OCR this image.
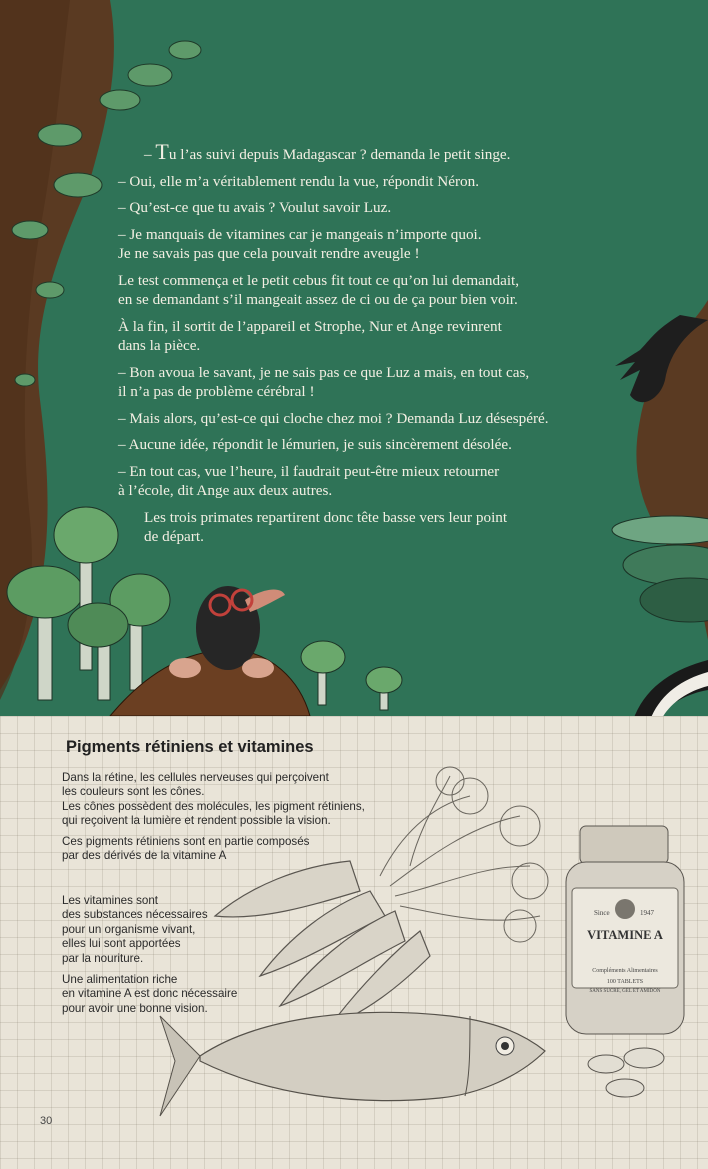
– Tu l’as suivi depuis Madagascar ? demanda le petit singe.

– Oui, elle m’a véritablement rendu la vue, répondit Néron.

– Qu’est-ce que tu avais ? Voulut savoir Luz.

– Je manquais de vitamines car je mangeais n’importe quoi.
Je ne savais pas que cela pouvait rendre aveugle !

Le test commença et le petit cebus fit tout ce qu’on lui demandait,
en se demandant s’il mangeait assez de ci ou de ça pour bien voir.

À la fin, il sortit de l’appareil et Strophe, Nur et Ange revinrent
dans la pièce.

– Bon avoua le savant, je ne sais pas ce que Luz a mais, en tout cas,
il n’a pas de problème cérébral !

– Mais alors, qu’est-ce qui cloche chez moi ? Demanda Luz désespéré.

– Aucune idée, répondit le lémurien, je suis sincèrement désolée.

– En tout cas, vue l’heure, il faudrait peut-être mieux retourner
à l’école, dit Ange aux deux autres.

Les trois primates repartirent donc tête basse vers leur point
de départ.

Since	1947
VITAMINE A
Compléments Alimentaires
100 TABLETS
SANS SUCRE, GEL ET AMIDON
Pigments rétiniens et vitamines
Dans la rétine, les cellules nerveuses qui perçoivent
les couleurs sont les cônes.
Les cônes possèdent des molécules, les pigment rétiniens,
qui reçoivent la lumière et rendent possible la vision.
Ces pigments rétiniens sont en partie composés
par des dérivés de la vitamine A
Les vitamines sont
des substances nécessaires
pour un organisme vivant,
elles lui sont apportées
par la nouriture.
Une alimentation riche
en vitamine A est donc nécessaire
pour avoir une bonne vision.
30
